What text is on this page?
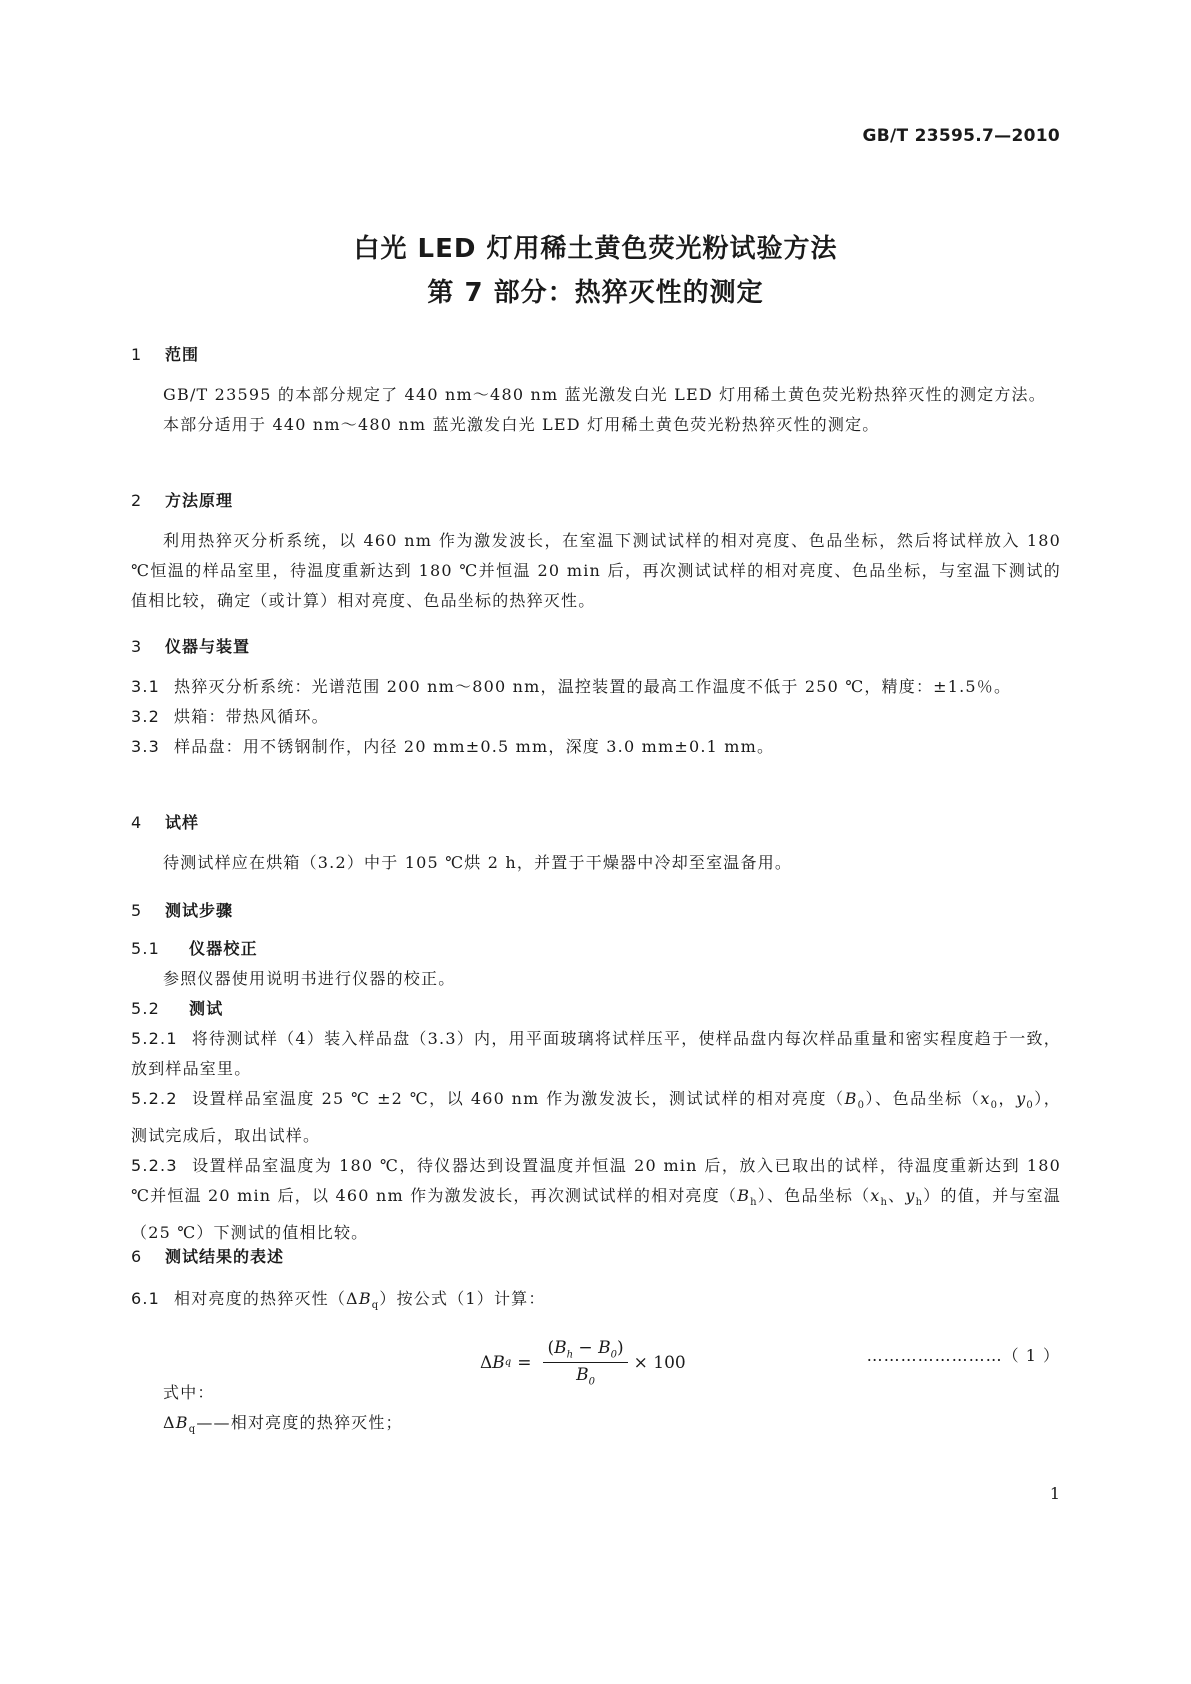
GB/T 23595.7—2010
白光 LED 灯用稀土黄色荧光粉试验方法
第 7 部分：热猝灭性的测定
1 范围

GB/T 23595 的本部分规定了 440 nm～480 nm 蓝光激发白光 LED 灯用稀土黄色荧光粉热猝灭性的测定方法。

本部分适用于 440 nm～480 nm 蓝光激发白光 LED 灯用稀土黄色荧光粉热猝灭性的测定。

2 方法原理

利用热猝灭分析系统，以 460 nm 作为激发波长，在室温下测试试样的相对亮度、色品坐标，然后将试样放入 180 ℃恒温的样品室里，待温度重新达到 180 ℃并恒温 20 min 后，再次测试试样的相对亮度、色品坐标，与室温下测试的值相比较，确定（或计算）相对亮度、色品坐标的热猝灭性。

3 仪器与装置

3.1 热猝灭分析系统：光谱范围 200 nm～800 nm，温控装置的最高工作温度不低于 250 ℃，精度：±1.5％。

3.2 烘箱：带热风循环。

3.3 样品盘：用不锈钢制作，内径 20 mm±0.5 mm，深度 3.0 mm±0.1 mm。

4 试样

待测试样应在烘箱（3.2）中于 105 ℃烘 2 h，并置于干燥器中冷却至室温备用。

5 测试步骤
5.1 仪器校正

参照仪器使用说明书进行仪器的校正。

5.2 测试

5.2.1 将待测试样（4）装入样品盘（3.3）内，用平面玻璃将试样压平，使样品盘内每次样品重量和密实程度趋于一致，放到样品室里。

5.2.2 设置样品室温度 25 ℃ ±2 ℃，以 460 nm 作为激发波长，测试试样的相对亮度$(B_0)$、色品坐标（$x_0$，$y_0$），测试完成后，取出试样。

5.2.3 设置样品室温度为 180 ℃，待仪器达到设置温度并恒温 20 min 后，放入已取出的试样，待温度重新达到 180 ℃并恒温 20 min 后，以 460 nm 作为激发波长，再次测试试样的相对亮度$(B_h)$、色品坐标（$x_h$、$y_h$）的值，并与室温（25 ℃）下测试的值相比较。

6 测试结果的表述

6.1 相对亮度的热猝灭性$(\Delta B_q)$按公式（1）计算：

Δ B $q = \frac{(B_h - B_0)}{B_0} \times 100$	……………………（ 1 ）

式中：

$\Delta B_q——$相对亮度的热猝灭性；

1
